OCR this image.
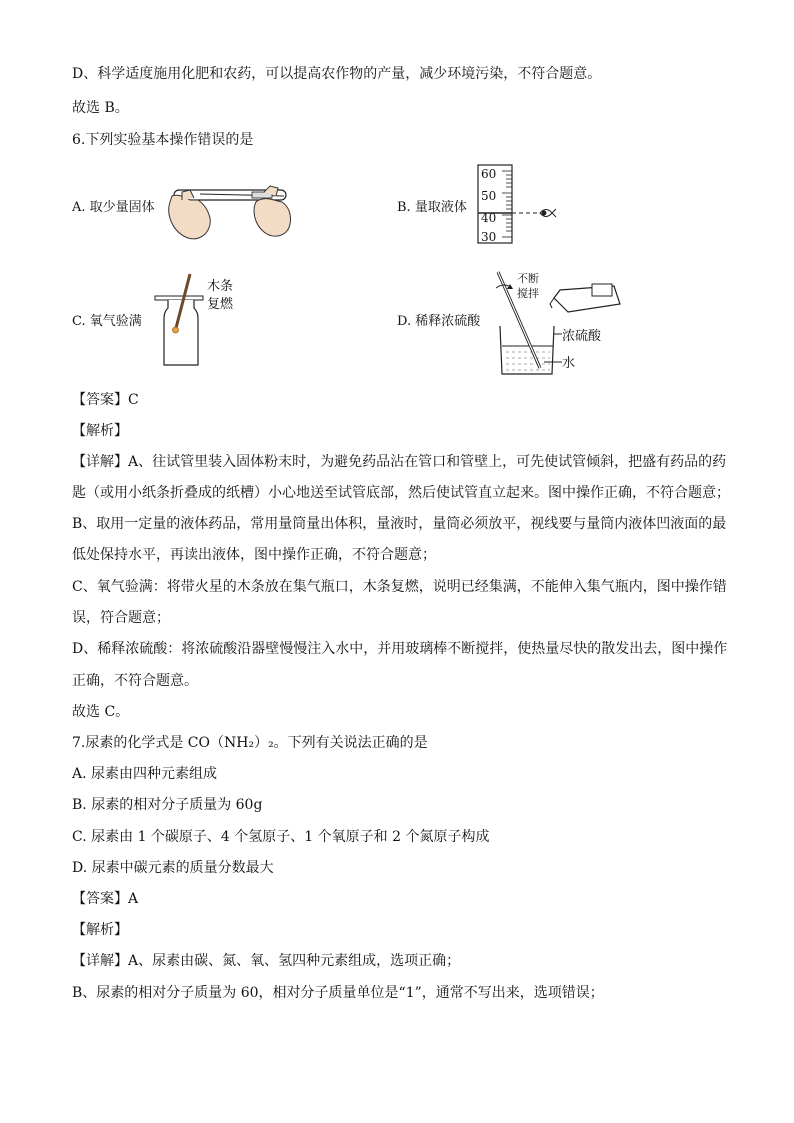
D、科学适度施用化肥和农药，可以提高农作物的产量，减少环境污染，不符合题意。
故选 B。
6.下列实验基本操作错误的是
A. 取少量固体	B. 量取液体
C. 氧气验满	D. 稀释浓硫酸
60
50
40
30
木条
复燃
不断
搅拌
浓硫酸
水
【答案】C
【解析】
【详解】A、往试管里装入固体粉末时，为避免药品沾在管口和管壁上，可先使试管倾斜，把盛有药品的药
匙（或用小纸条折叠成的纸槽）小心地送至试管底部，然后使试管直立起来。图中操作正确，不符合题意；
B、取用一定量的液体药品，常用量筒量出体积，量液时，量筒必须放平，视线要与量筒内液体凹液面的最
低处保持水平，再读出液体，图中操作正确，不符合题意；
C、氧气验满：将带火星的木条放在集气瓶口，木条复燃，说明已经集满，不能伸入集气瓶内，图中操作错
误，符合题意；
D、稀释浓硫酸：将浓硫酸沿器壁慢慢注入水中，并用玻璃棒不断搅拌，使热量尽快的散发出去，图中操作
正确，不符合题意。
故选 C。
7.尿素的化学式是 CO（NH₂）₂。下列有关说法正确的是
A. 尿素由四种元素组成
B. 尿素的相对分子质量为 60g
C. 尿素由 1 个碳原子、4 个氢原子、1 个氧原子和 2 个氮原子构成
D. 尿素中碳元素的质量分数最大
【答案】A
【解析】
【详解】A、尿素由碳、氮、氧、氢四种元素组成，选项正确；
B、尿素的相对分子质量为 60，相对分子质量单位是“1”，通常不写出来，选项错误；
